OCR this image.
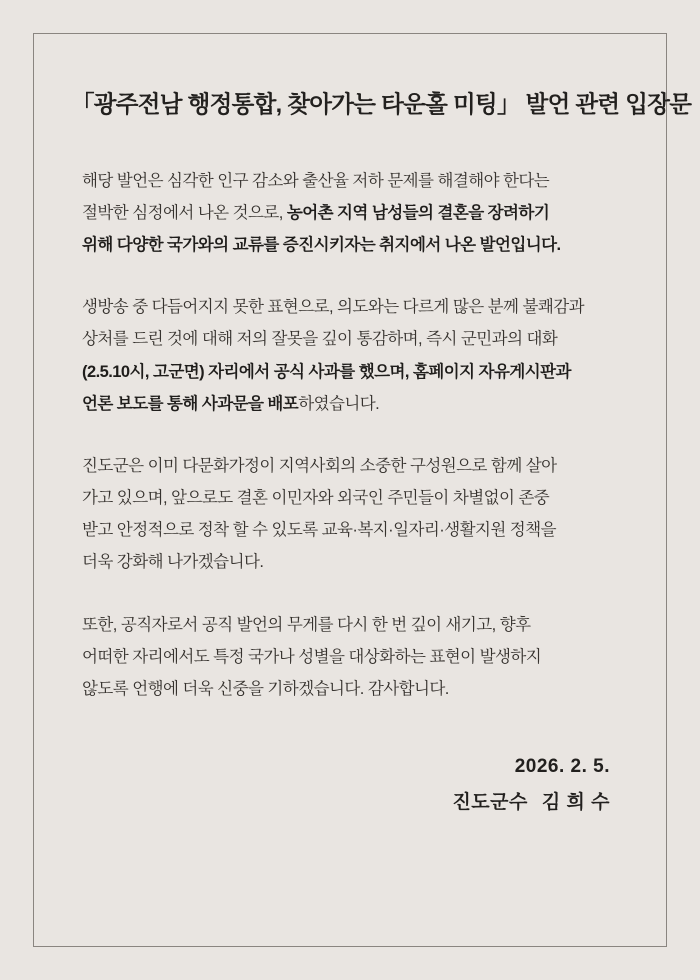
「광주전남 행정통합, 찾아가는 타운홀 미팅」 발언 관련 입장문

해당 발언은 심각한 인구 감소와 출산율 저하 문제를 해결해야 한다는
절박한 심정에서 나온 것으로, 농어촌 지역 남성들의 결혼을 장려하기
위해 다양한 국가와의 교류를 증진시키자는 취지에서 나온 발언입니다.

생방송 중 다듬어지지 못한 표현으로, 의도와는 다르게 많은 분께 불쾌감과
상처를 드린 것에 대해 저의 잘못을 깊이 통감하며, 즉시 군민과의 대화
(2.5.10시, 고군면) 자리에서 공식 사과를 했으며, 홈페이지 자유게시판과
언론 보도를 통해 사과문을 배포하였습니다.

진도군은 이미 다문화가정이 지역사회의 소중한 구성원으로 함께 살아
가고 있으며, 앞으로도 결혼 이민자와 외국인 주민들이 차별없이 존중
받고 안정적으로 정착 할 수 있도록 교육·복지·일자리·생활지원 정책을
더욱 강화해 나가겠습니다.

또한, 공직자로서 공직 발언의 무게를 다시 한 번 깊이 새기고, 향후
어떠한 자리에서도 특정 국가나 성별을 대상화하는 표현이 발생하지
않도록 언행에 더욱 신중을 기하겠습니다. 감사합니다.

2026. 2. 5.
진도군수 김 희 수
